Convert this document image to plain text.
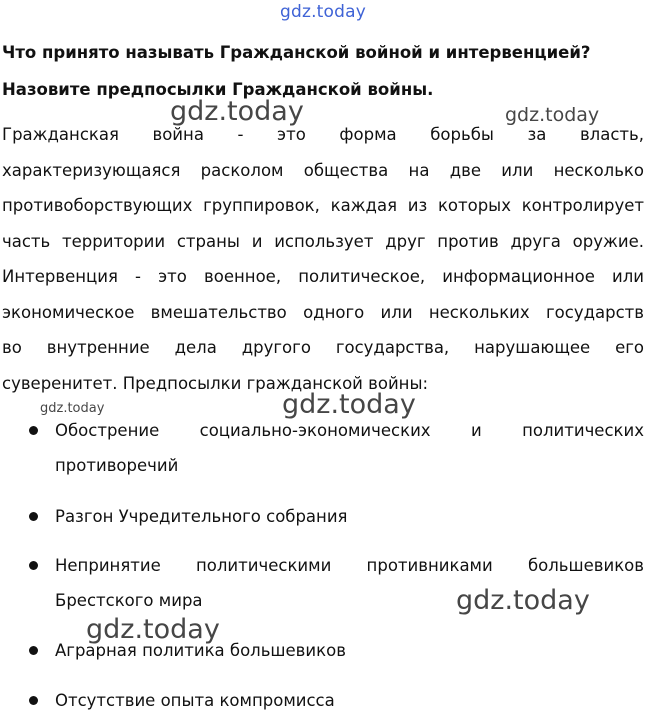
gdz.today
Что принято называть Гражданской войной и интервенцией?
Назовите предпосылки Гражданской войны.
Гражданская война - это форма борьбы за власть,
характеризующаяся расколом общества на две или несколько
противоборствующих группировок, каждая из которых контролирует
часть территории страны и использует друг против друга оружие.
Интервенция - это военное, политическое, информационное или
экономическое вмешательство одного или нескольких государств
во внутренние дела другого государства, нарушающее его
суверенитет. Предпосылки гражданской войны:
Обострение социально-экономических и политических
противоречий
Разгон Учредительного собрания
Непринятие политическими противниками большевиков
Брестского мира
Аграрная политика большевиков
Отсутствие опыта компромисса
gdz.today	gdz.today
gdz.today	gdz.today
gdz.today
gdz.today
